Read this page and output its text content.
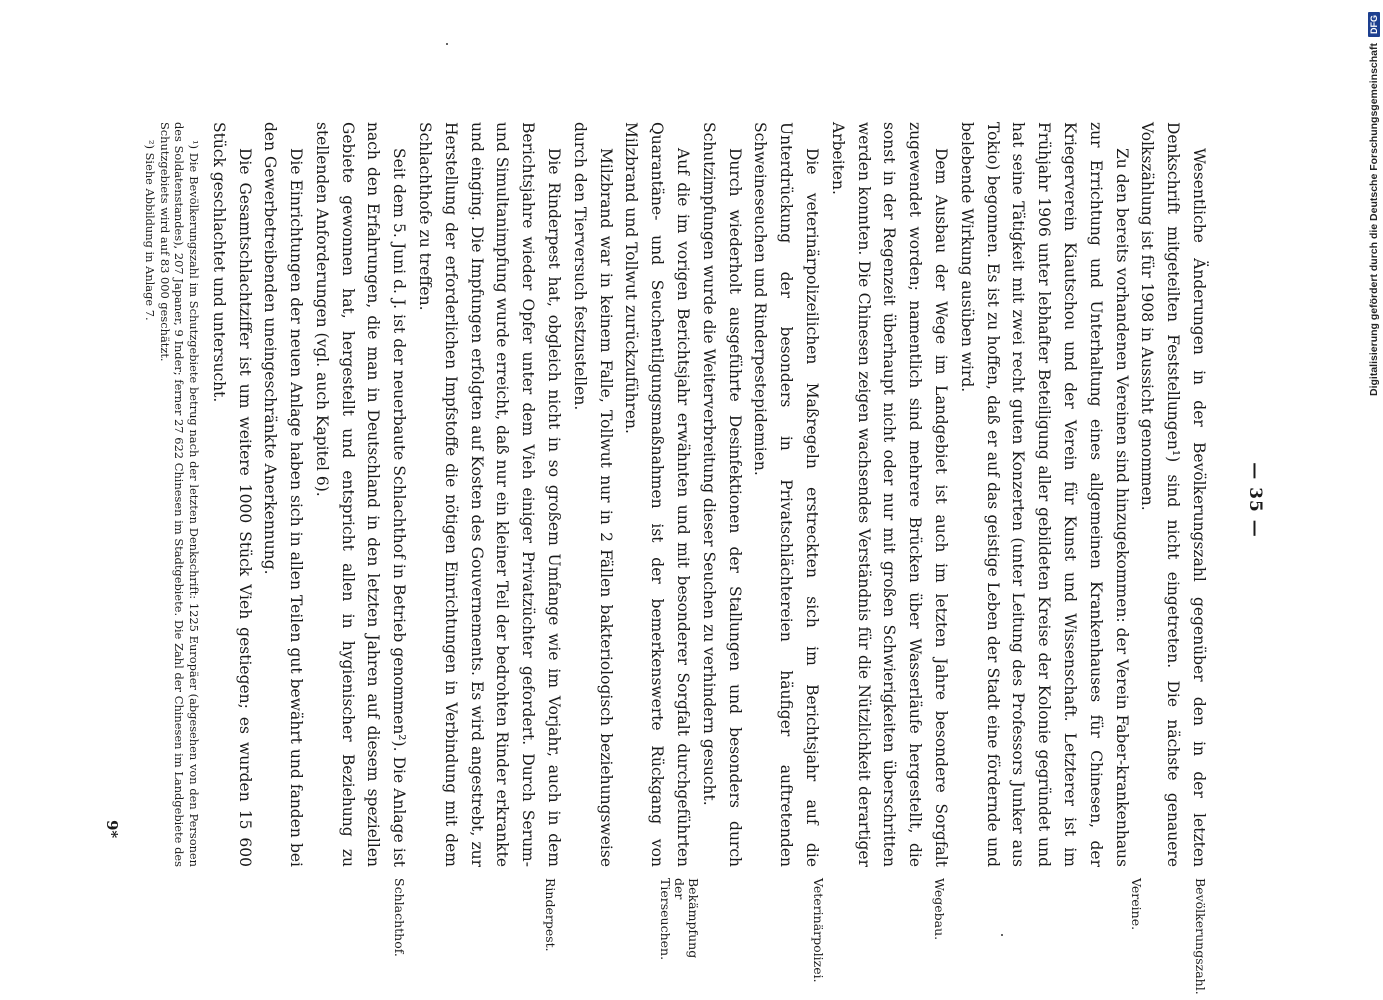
— 35 —
Bevölkerungszahl.
Vereine.
Wegebau.
Veterinärpolizei.
Bekämpfung der Tierseuchen.
Rinderpest.
Schlachthof.

Wesentliche Änderungen in der Bevölkerungszahl gegenüber den in der letzten Denkschrift mitgeteilten Feststellungen¹) sind nicht eingetreten. Die nächste genauere Volkszählung ist für 1908 in Aussicht genommen.

Zu den bereits vorhandenen Vereinen sind hinzugekommen: der Verein Faber-krankenhaus zur Errichtung und Unterhaltung eines allgemeinen Krankenhauses für Chinesen, der Kriegerverein Kiautschou und der Verein für Kunst und Wissenschaft. Letzterer ist im Frühjahr 1906 unter lebhafter Beteiligung aller gebildeten Kreise der Kolonie gegründet und hat seine Tätigkeit mit zwei recht guten Konzerten (unter Leitung des Professors Junker aus Tokio) begonnen. Es ist zu hoffen, daß er auf das geistige Leben der Stadt eine fördernde und belebende Wirkung ausüben wird.

Dem Ausbau der Wege im Landgebiet ist auch im letzten Jahre besondere Sorgfalt zugewendet worden; namentlich sind mehrere Brücken über Wasserläufe hergestellt, die sonst in der Regenzeit überhaupt nicht oder nur mit großen Schwierigkeiten überschritten werden konnten. Die Chinesen zeigen wachsendes Verständnis für die Nützlichkeit derartiger Arbeiten.

Die veterinärpolizeilichen Maßregeln erstreckten sich im Berichtsjahr auf die Unterdrückung der besonders in Privatschlächtereien häufiger auftretenden Schweineseuchen und Rinderpestepidemien.

Durch wiederholt ausgeführte Desinfektionen der Stallungen und besonders durch Schutzimpfungen wurde die Weiterverbreitung dieser Seuchen zu verhindern gesucht.

Auf die im vorigen Berichtsjahr erwähnten und mit besonderer Sorgfalt durchgeführten Quarantäne- und Seuchentilgungsmaßnahmen ist der bemerkenswerte Rückgang von Milzbrand und Tollwut zurückzuführen.

Milzbrand war in keinem Falle, Tollwut nur in 2 Fällen bakteriologisch beziehungsweise durch den Tierversuch festzustellen.

Die Rinderpest hat, obgleich nicht in so großem Umfange wie im Vorjahr, auch in dem Berichtsjahre wieder Opfer unter dem Vieh einiger Privatzüchter gefordert. Durch Serum- und Simultanimpfung wurde erreicht, daß nur ein kleiner Teil der bedrohten Rinder erkrankte und einging. Die Impfungen erfolgten auf Kosten des Gouvernements. Es wird angestrebt, zur Herstellung der erforderlichen Impfstoffe die nötigen Einrichtungen in Verbindung mit dem Schlachthofe zu treffen.

Seit dem 5. Juni d. J. ist der neuerbaute Schlachthof in Betrieb genommen²). Die Anlage ist nach den Erfahrungen, die man in Deutschland in den letzten Jahren auf diesem speziellen Gebiete gewonnen hat, hergestellt und entspricht allen in hygienischer Beziehung zu stellenden Anforderungen (vgl. auch Kapitel 6).

Die Einrichtungen der neuen Anlage haben sich in allen Teilen gut bewährt und fanden bei den Gewerbetreibenden uneingeschränkte Anerkennung.

Die Gesamtschlachtziffer ist um weitere 1000 Stück Vieh gestiegen; es wurden 15 600 Stück geschlachtet und untersucht.

¹) Die Bevölkerungszahl im Schutzgebiete betrug nach der letzten Denkschrift: 1225 Europäer (abgesehen von den Personen des Soldatenstandes), 207 Japaner, 9 Inder; ferner 27 622 Chinesen im Stadtgebiete. Die Zahl der Chinesen im Landgebiete des Schutzgebiets wird auf 83 000 geschätzt.

²) Siehe Abbildung in Anlage 7.

9*
Digitalisierung gefördert durch die Deutsche Forschungsgemeinschaft
DFG
